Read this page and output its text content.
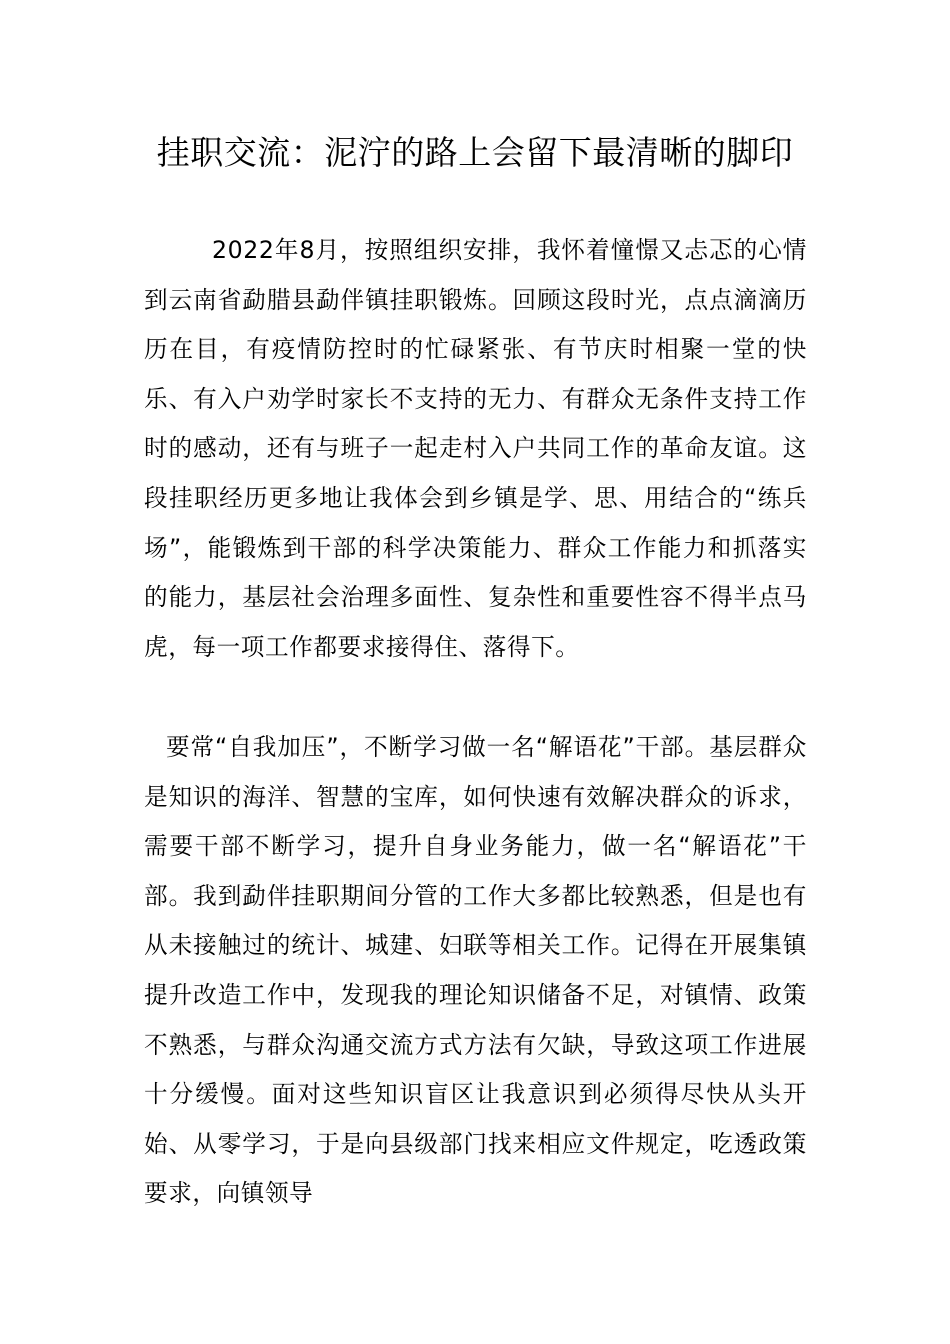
挂职交流：泥泞的路上会留下最清晰的脚印

2022年8月，按照组织安排，我怀着憧憬又忐忑的心情到云南省勐腊县勐伴镇挂职锻炼。回顾这段时光，点点滴滴历历在目，有疫情防控时的忙碌紧张、有节庆时相聚一堂的快乐、有入户劝学时家长不支持的无力、有群众无条件支持工作时的感动，还有与班子一起走村入户共同工作的革命友谊。这段挂职经历更多地让我体会到乡镇是学、思、用结合的“练兵场”，能锻炼到干部的科学决策能力、群众工作能力和抓落实的能力，基层社会治理多面性、复杂性和重要性容不得半点马虎，每一项工作都要求接得住、落得下。

要常“自我加压”，不断学习做一名“解语花”干部。基层群众是知识的海洋、智慧的宝库，如何快速有效解决群众的诉求，需要干部不断学习，提升自身业务能力，做一名“解语花”干部。我到勐伴挂职期间分管的工作大多都比较熟悉，但是也有从未接触过的统计、城建、妇联等相关工作。记得在开展集镇提升改造工作中，发现我的理论知识储备不足，对镇情、政策不熟悉，与群众沟通交流方式方法有欠缺，导致这项工作进展十分缓慢。面对这些知识盲区让我意识到必须得尽快从头开始、从零学习，于是向县级部门找来相应文件规定，吃透政策要求，向镇领导
